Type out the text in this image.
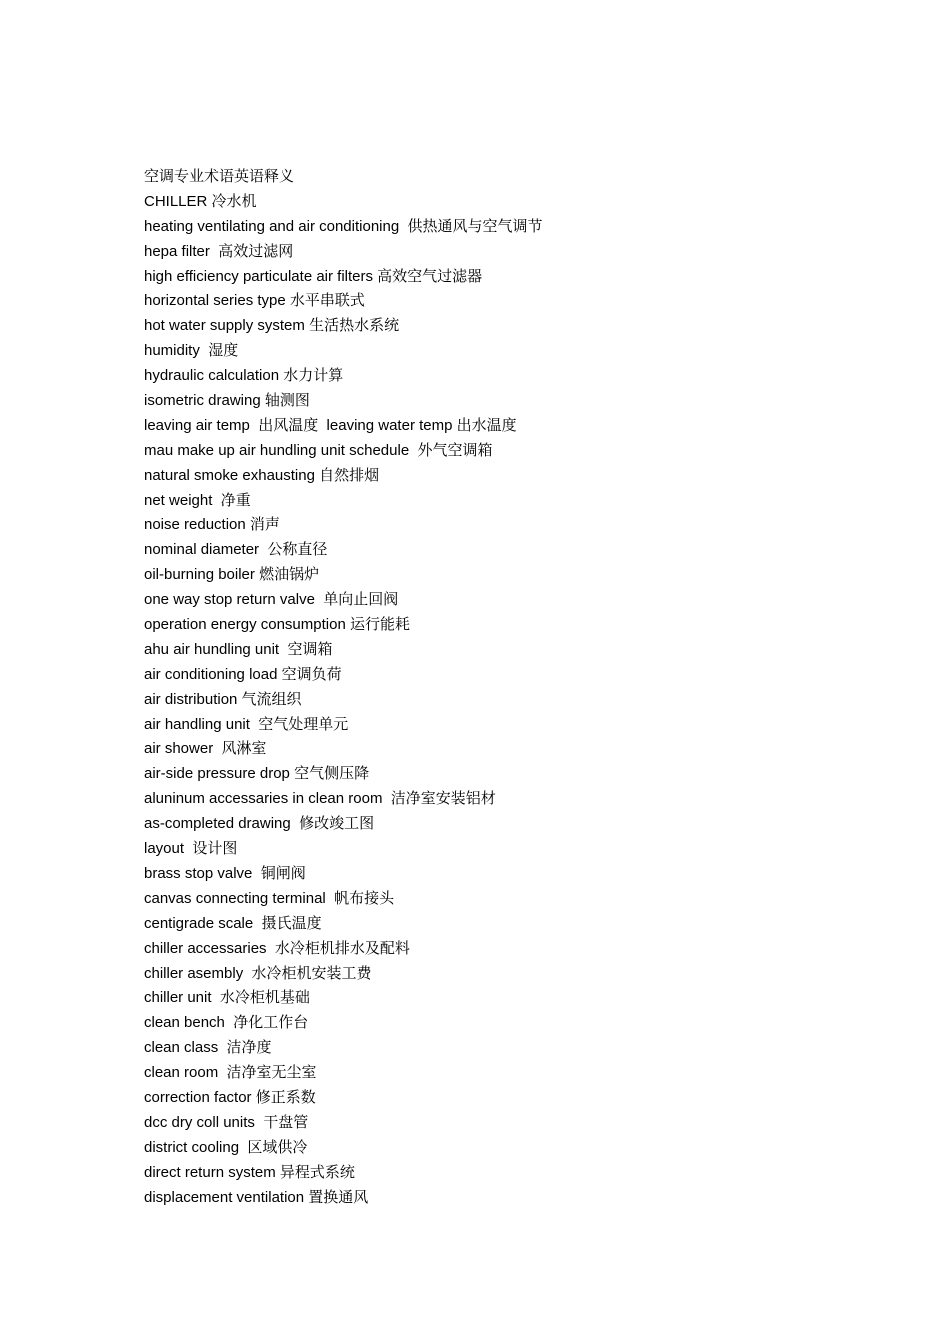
空调专业术语英语释义
CHILLER 冷水机
heating ventilating and air conditioning  供热通风与空气调节
hepa filter  高效过滤网
high efficiency particulate air filters 高效空气过滤器
horizontal series type 水平串联式
hot water supply system 生活热水系统
humidity  湿度
hydraulic calculation 水力计算
isometric drawing 轴测图
leaving air temp  出风温度  leaving water temp 出水温度
mau make up air hundling unit schedule  外气空调箱
natural smoke exhausting 自然排烟
net weight  净重
noise reduction 消声
nominal diameter  公称直径
oil-burning boiler 燃油锅炉
one way stop return valve  单向止回阀
operation energy consumption 运行能耗
ahu air hundling unit  空调箱
air conditioning load 空调负荷
air distribution 气流组织
air handling unit  空气处理单元
air shower  风淋室
air-side pressure drop 空气侧压降
aluninum accessaries in clean room  洁净室安装铝材
as-completed drawing  修改竣工图
layout  设计图
brass stop valve  铜闸阀
canvas connecting terminal  帆布接头
centigrade scale  摄氏温度
chiller accessaries  水冷柜机排水及配料
chiller asembly  水冷柜机安装工费
chiller unit  水冷柜机基础
clean bench  净化工作台
clean class  洁净度
clean room  洁净室无尘室
correction factor 修正系数
dcc dry coll units  干盘管
district cooling  区域供冷
direct return system 异程式系统
displacement ventilation 置换通风
